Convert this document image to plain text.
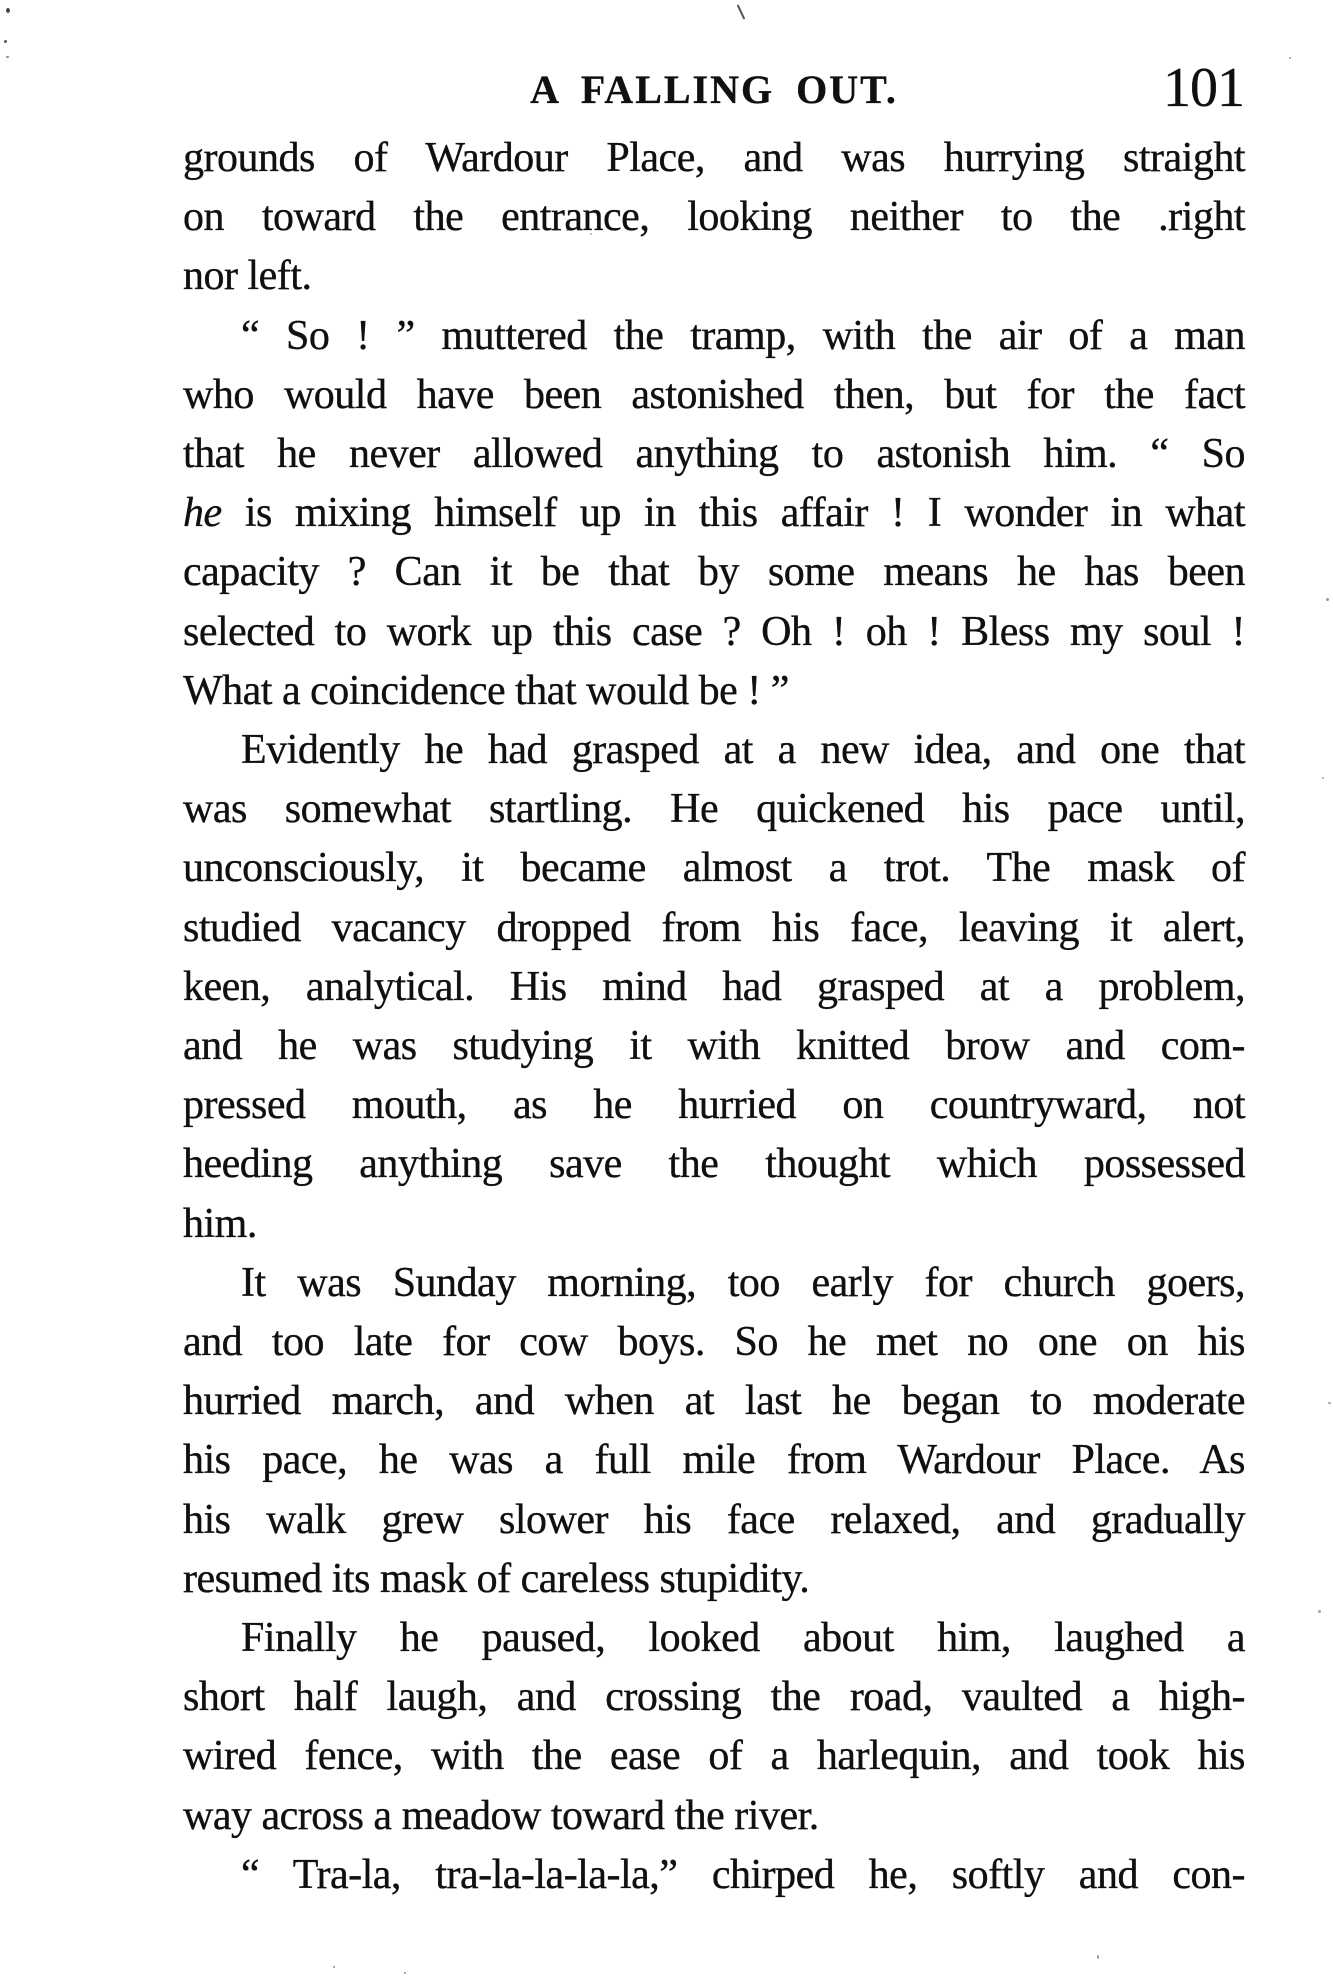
A FALLING OUT.	101
grounds of Wardour Place, and was hurrying straight
on toward the entrance, looking neither to the .right
nor left.
“ So ! ” muttered the tramp, with the air of a man
who would have been astonished then, but for the fact
that he never allowed anything to astonish him. “ So
he is mixing himself up in this affair ! I wonder in what
capacity ? Can it be that by some means he has been
selected to work up this case ? Oh ! oh ! Bless my soul !
What a coincidence that would be ! ”
Evidently he had grasped at a new idea, and one that
was somewhat startling. He quickened his pace until,
unconsciously, it became almost a trot. The mask of
studied vacancy dropped from his face, leaving it alert,
keen, analytical. His mind had grasped at a problem,
and he was studying it with knitted brow and com-
pressed mouth, as he hurried on countryward, not
heeding anything save the thought which possessed
him.
It was Sunday morning, too early for church goers,
and too late for cow boys. So he met no one on his
hurried march, and when at last he began to moderate
his pace, he was a full mile from Wardour Place. As
his walk grew slower his face relaxed, and gradually
resumed its mask of careless stupidity.
Finally he paused, looked about him, laughed a
short half laugh, and crossing the road, vaulted a high-
wired fence, with the ease of a harlequin, and took his
way across a meadow toward the river.
“ Tra-la, tra-la-la-la-la,” chirped he, softly and con-
